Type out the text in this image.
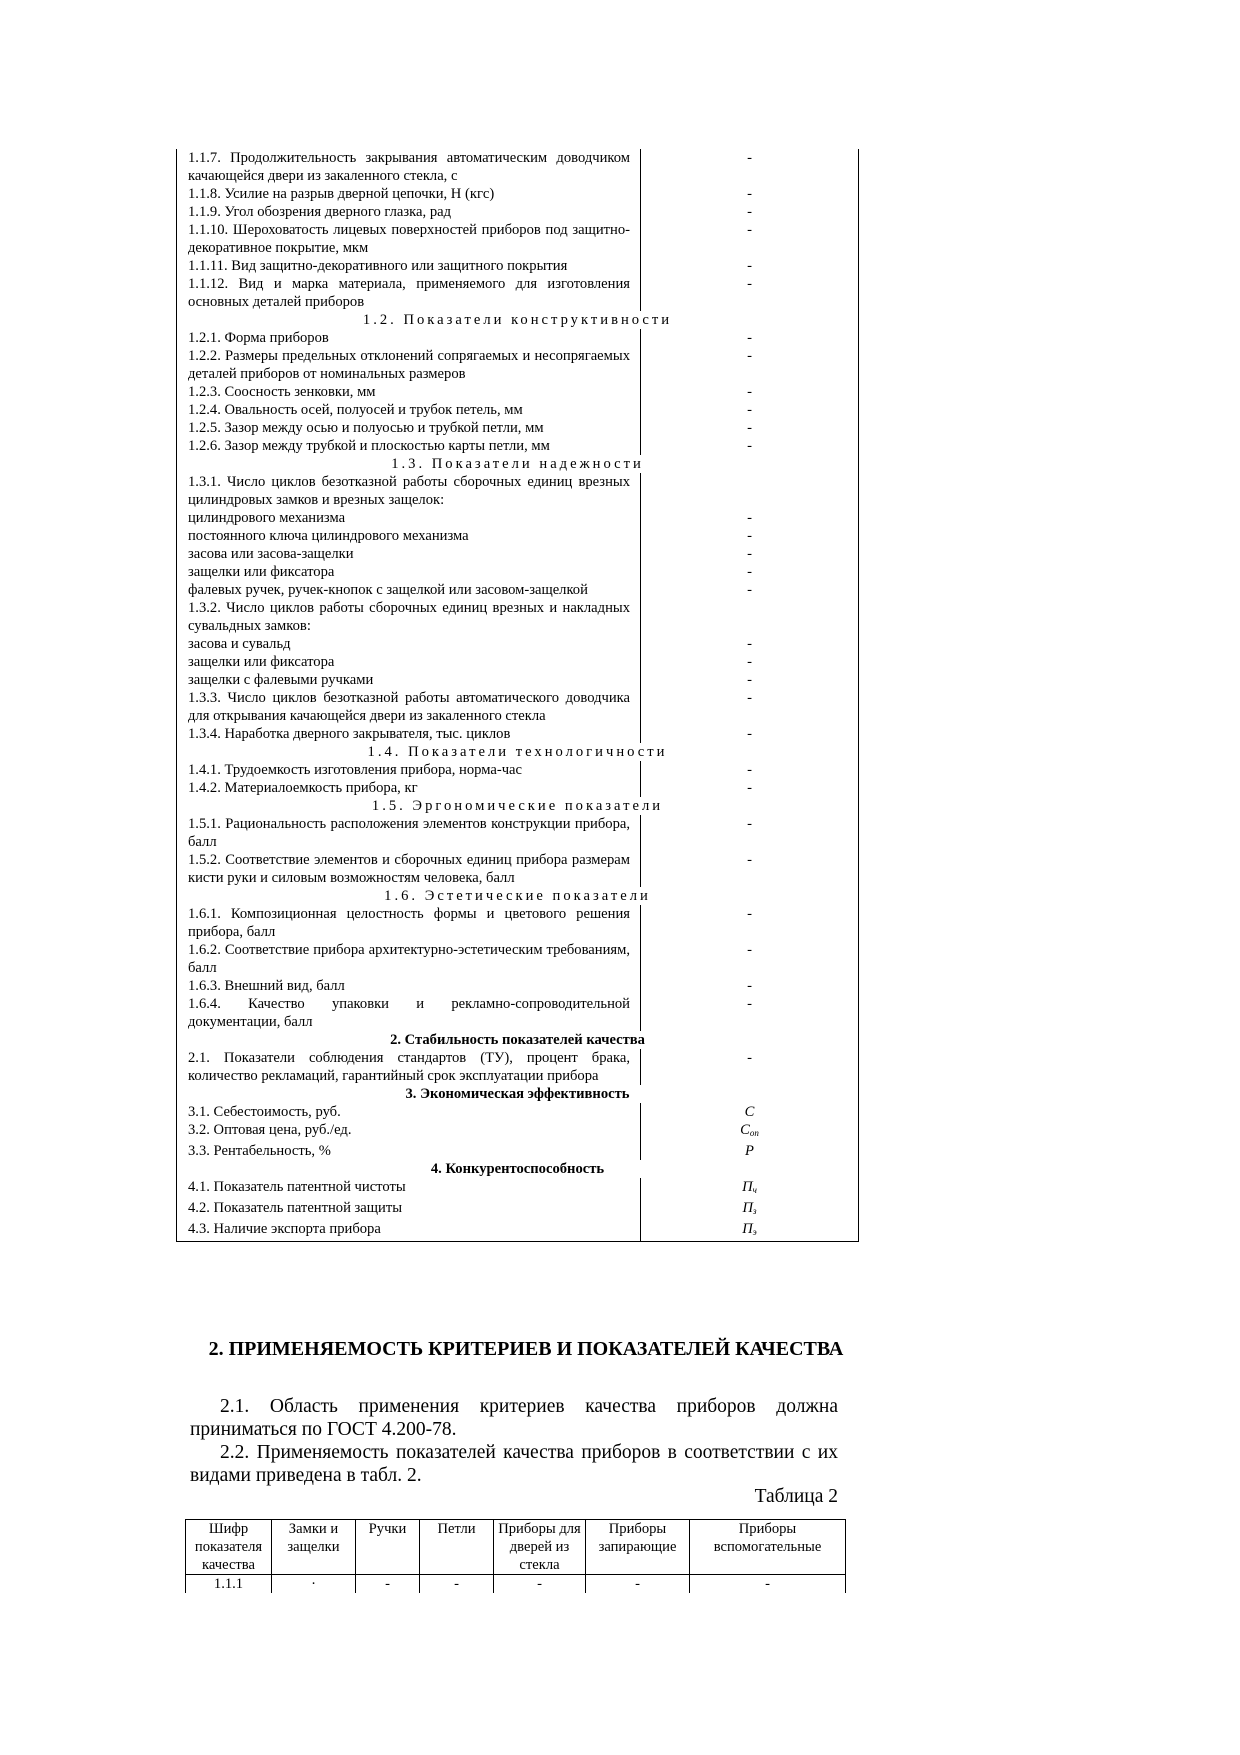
1.1.7. Продолжительность закрывания автоматическим доводчиком качающейся двери из закаленного стекла, с	-
1.1.8. Усилие на разрыв дверной цепочки, Н (кгс)	-
1.1.9. Угол обозрения дверного глазка, рад	-
1.1.10. Шероховатость лицевых поверхностей приборов под защитно-декоративное покрытие, мкм	-
1.1.11. Вид защитно-декоративного или защитного покрытия	-
1.1.12. Вид и марка материала, применяемого для изготовления основных деталей приборов	-
1.2. Показатели конструктивности	
1.2.1. Форма приборов	-
1.2.2. Размеры предельных отклонений сопрягаемых и несопрягаемых деталей приборов от номинальных размеров	-
1.2.3. Соосность зенковки, мм	-
1.2.4. Овальность осей, полуосей и трубок петель, мм	-
1.2.5. Зазор между осью и полуосью и трубкой петли, мм	-
1.2.6. Зазор между трубкой и плоскостью карты петли, мм	-
1.3. Показатели надежности	
1.3.1. Число циклов безотказной работы сборочных единиц врезных цилиндровых замков и врезных защелок:	
цилиндрового механизма	-
постоянного ключа цилиндрового механизма	-
засова или засова-защелки	-
защелки или фиксатора	-
фалевых ручек, ручек-кнопок с защелкой или засовом-защелкой	-
1.3.2. Число циклов работы сборочных единиц врезных и накладных сувальдных замков:	
засова и сувальд	-
защелки или фиксатора	-
защелки с фалевыми ручками	-
1.3.3. Число циклов безотказной работы автоматического доводчика для открывания качающейся двери из закаленного стекла	-
1.3.4. Наработка дверного закрывателя, тыс. циклов	-
1.4. Показатели технологичности	
1.4.1. Трудоемкость изготовления прибора, норма-час	-
1.4.2. Материалоемкость прибора, кг	-
1.5. Эргономические показатели	
1.5.1. Рациональность расположения элементов конструкции прибора, балл	-
1.5.2. Соответствие элементов и сборочных единиц прибора размерам кисти руки и силовым возможностям человека, балл	-
1.6. Эстетические показатели	
1.6.1. Композиционная целостность формы и цветового решения прибора, балл	-
1.6.2. Соответствие прибора архитектурно-эстетическим требованиям, балл	-
1.6.3. Внешний вид, балл	-
1.6.4. Качество упаковки и рекламно-сопроводительной документации, балл	-
2. Стабильность показателей качества	
2.1. Показатели соблюдения стандартов (ТУ), процент брака, количество рекламаций, гарантийный срок эксплуатации прибора	-
3. Экономическая эффективность	
3.1. Себестоимость, руб.	C
3.2. Оптовая цена, руб./ед.	$C_{оп}$
3.3. Рентабельность, %	P
4. Конкурентоспособность	
4.1. Показатель патентной чистоты	$П_ч$
4.2. Показатель патентной защиты	$П_з$
4.3. Наличие экспорта прибора	$П_э$
2. ПРИМЕНЯЕМОСТЬ КРИТЕРИЕВ И ПОКАЗАТЕЛЕЙ КАЧЕСТВА
2.1. Область применения критериев качества приборов должна приниматься по ГОСТ 4.200-78.
2.2. Применяемость показателей качества приборов в соответствии с их видами приведена в табл. 2.
Таблица 2
Шифр показателя качества	Замки и защелки	Ручки	Петли	Приборы для дверей из стекла	Приборы запирающие	Приборы вспомогательные
1.1.1	·	-	-	-	-	-
